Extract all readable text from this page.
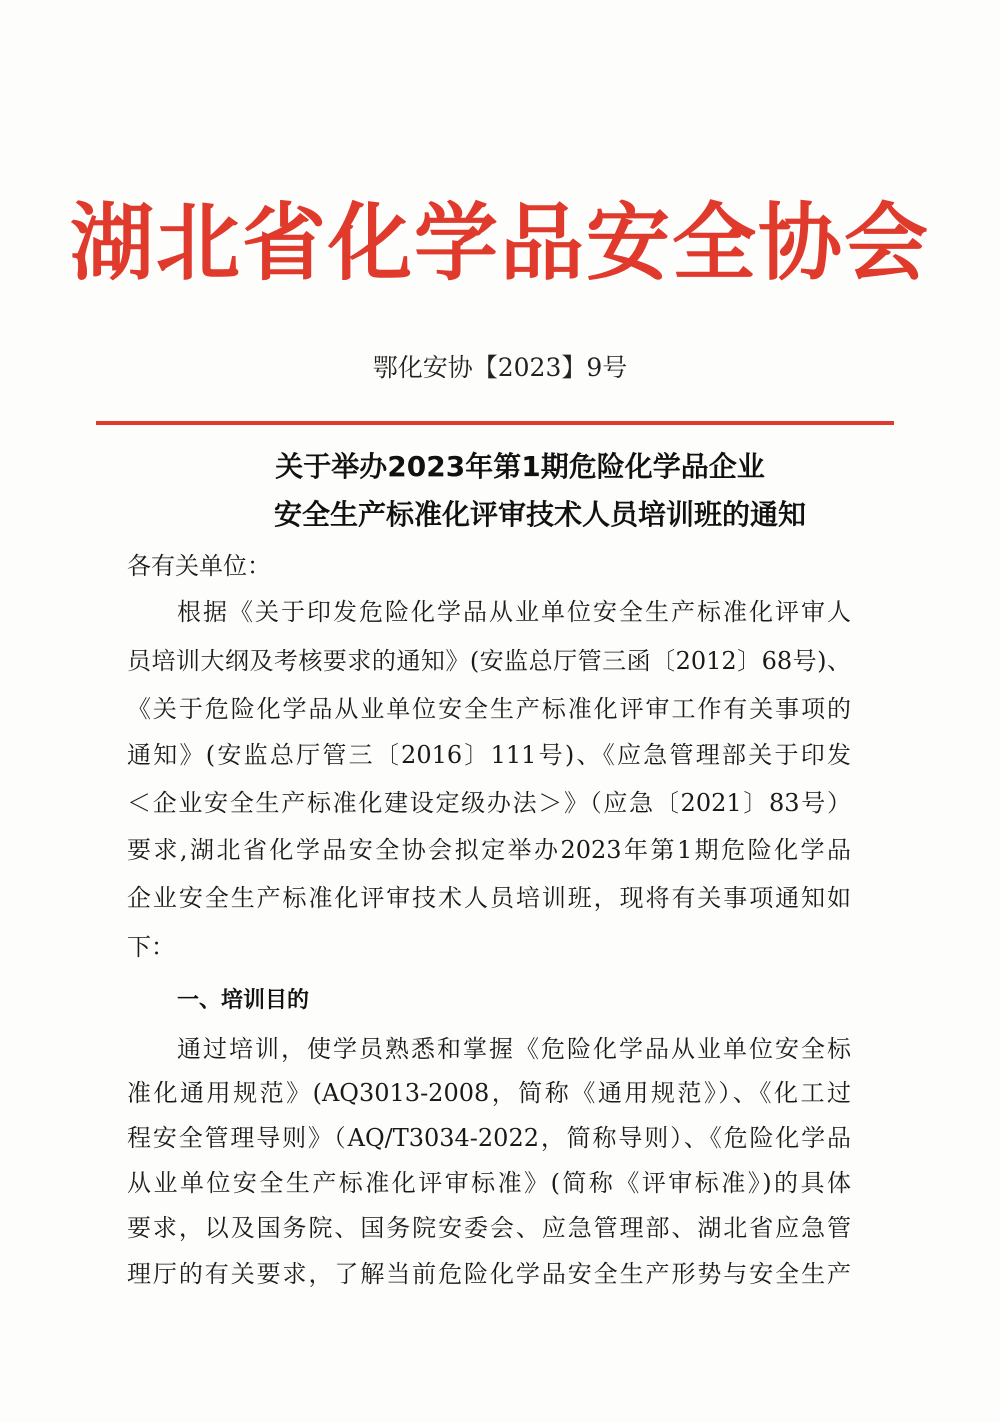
湖北省化学品安全协会
鄂化安协【2023】9号
关于举办2023年第1期危险化学品企业
安全生产标准化评审技术人员培训班的通知
各有关单位：
根据《关于印发危险化学品从业单位安全生产标准化评审人
员培训大纲及考核要求的通知》(安监总厅管三函〔2012〕68号)、
《关于危险化学品从业单位安全生产标准化评审工作有关事项的
通知》(安监总厅管三〔2016〕111号)、《应急管理部关于印发
＜企业安全生产标准化建设定级办法＞》（应急〔2021〕83号）
要求,湖北省化学品安全协会拟定举办2023年第1期危险化学品
企业安全生产标准化评审技术人员培训班，现将有关事项通知如
下：
一、培训目的
通过培训，使学员熟悉和掌握《危险化学品从业单位安全标
准化通用规范》(AQ3013-2008，简称《通用规范》）、《化工过
程安全管理导则》（AQ/T3034-2022，简称导则）、《危险化学品
从业单位安全生产标准化评审标准》(简称《评审标准》)的具体
要求，以及国务院、国务院安委会、应急管理部、湖北省应急管
理厅的有关要求，了解当前危险化学品安全生产形势与安全生产
